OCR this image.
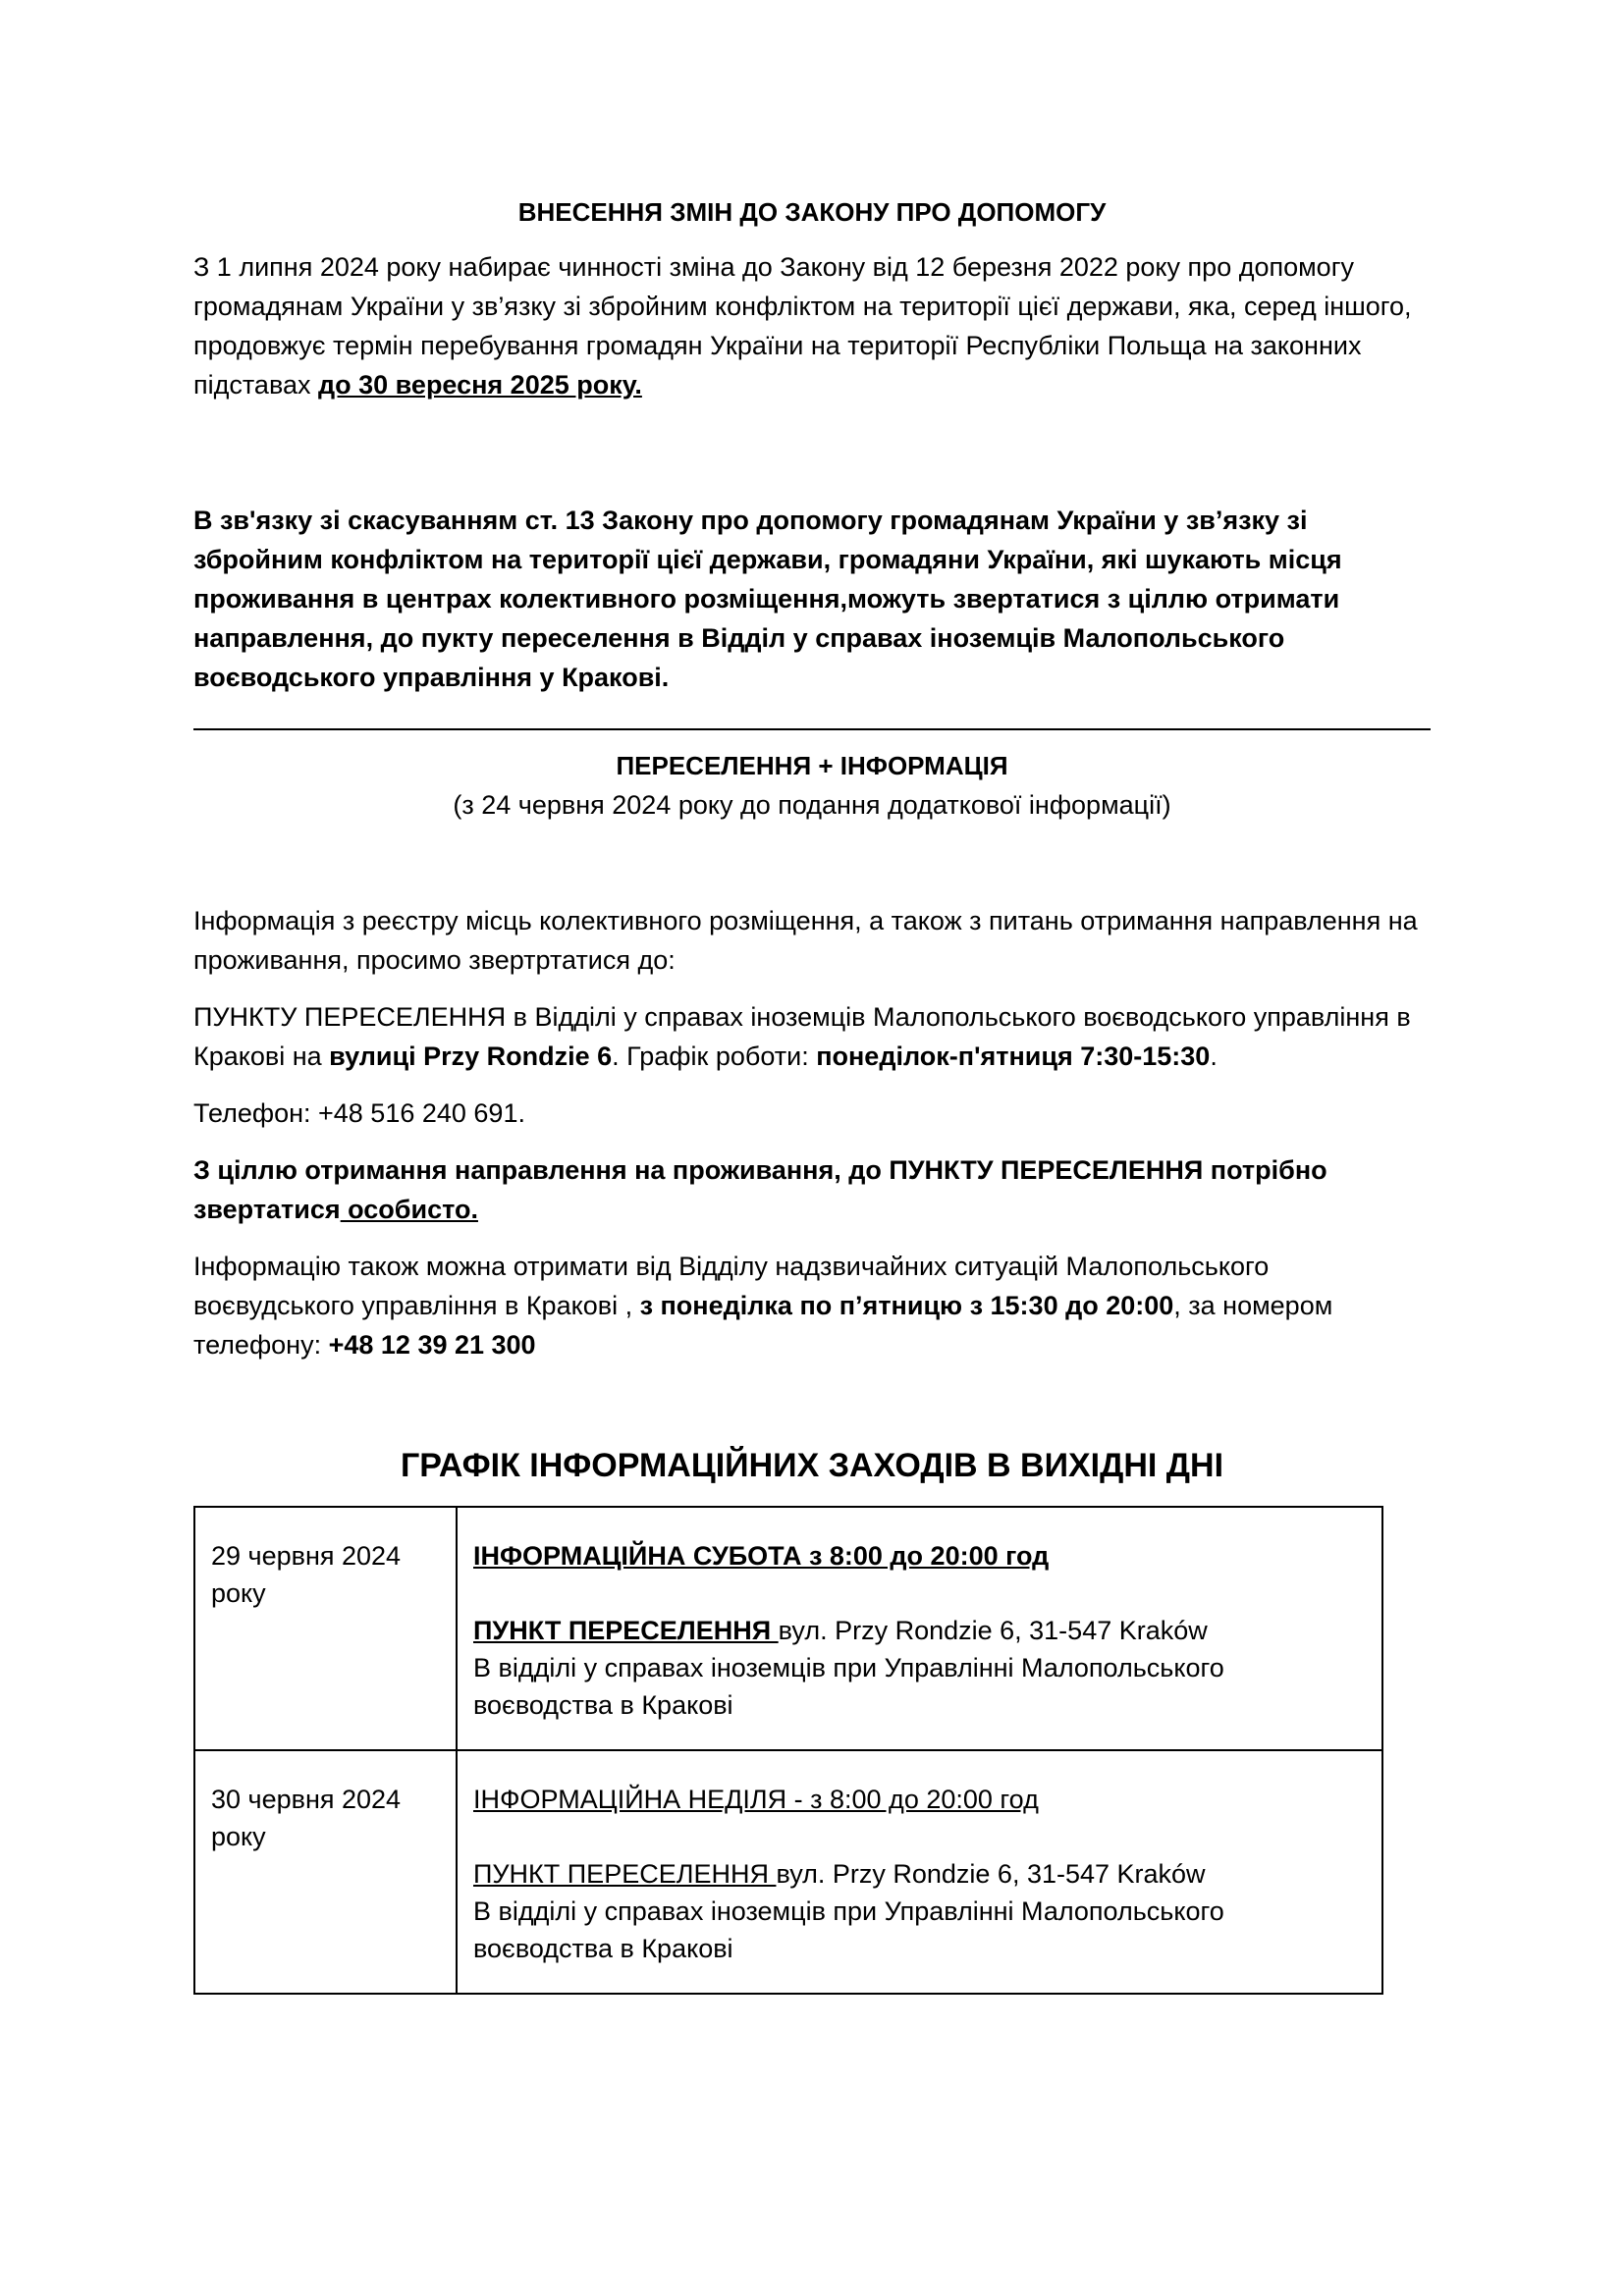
ВНЕСЕННЯ ЗМІН ДО ЗАКОНУ ПРО ДОПОМОГУ

З 1 липня 2024 року набирає чинності зміна до Закону від 12 березня 2022 року про допомогу громадянам України у зв’язку зі збройним конфліктом на території цієї держави, яка, серед іншого, продовжує термін перебування громадян України на території Республіки Польща на законних підставах до 30 вересня 2025 року.

В зв'язку зі скасуванням ст. 13 Закону про допомогу громадянам України у зв’язку зі збройним конфліктом на території цієї держави, громадяни України, які шукають місця проживання в центрах колективного розміщення,можуть звертатися з ціллю отримати направлення, до пукту переселення в Відділ у справах іноземців Малопольського воєводського управління у Кракові.

ПЕРЕСЕЛЕННЯ + ІНФОРМАЦІЯ
(з 24 червня 2024 року до подання додаткової інформації)

Інформація з реєстру місць колективного розміщення, а також з питань отримання направлення на проживання, просимо звертртатися до:

ПУНКТУ ПЕРЕСЕЛЕННЯ в Відділі у справах іноземців Малопольського воєводського управління в Кракові на вулиці Przy Rondzie 6. Графік роботи: понеділок-п'ятниця 7:30-15:30.

Телефон: +48 516 240 691.

З ціллю отримання направлення на проживання, до ПУНКТУ ПЕРЕСЕЛЕННЯ потрібно звертатися особисто.

Інформацію також можна отримати від Відділу надзвичайних ситуацій Малопольського воєвудського управління в Кракові , з понеділка по п’ятницю з 15:30 до 20:00, за номером телефону: +48 12 39 21 300

ГРАФІК ІНФОРМАЦІЙНИХ ЗАХОДІВ В ВИХІДНІ ДНІ
29 червня 2024 року	ІНФОРМАЦІЙНА СУБОТА з 8:00 до 20:00 год
ПУНКТ ПЕРЕСЕЛЕННЯ вул. Przy Rondzie 6, 31-547 Kraków
В відділі у справах іноземців при Управлінні Малопольського воєводства в Кракові

30 червня 2024 року	ІНФОРМАЦІЙНА НЕДІЛЯ - з 8:00 до 20:00 год
ПУНКТ ПЕРЕСЕЛЕННЯ вул. Przy Rondzie 6, 31-547 Kraków
В відділі у справах іноземців при Управлінні Малопольського воєводства в Кракові
